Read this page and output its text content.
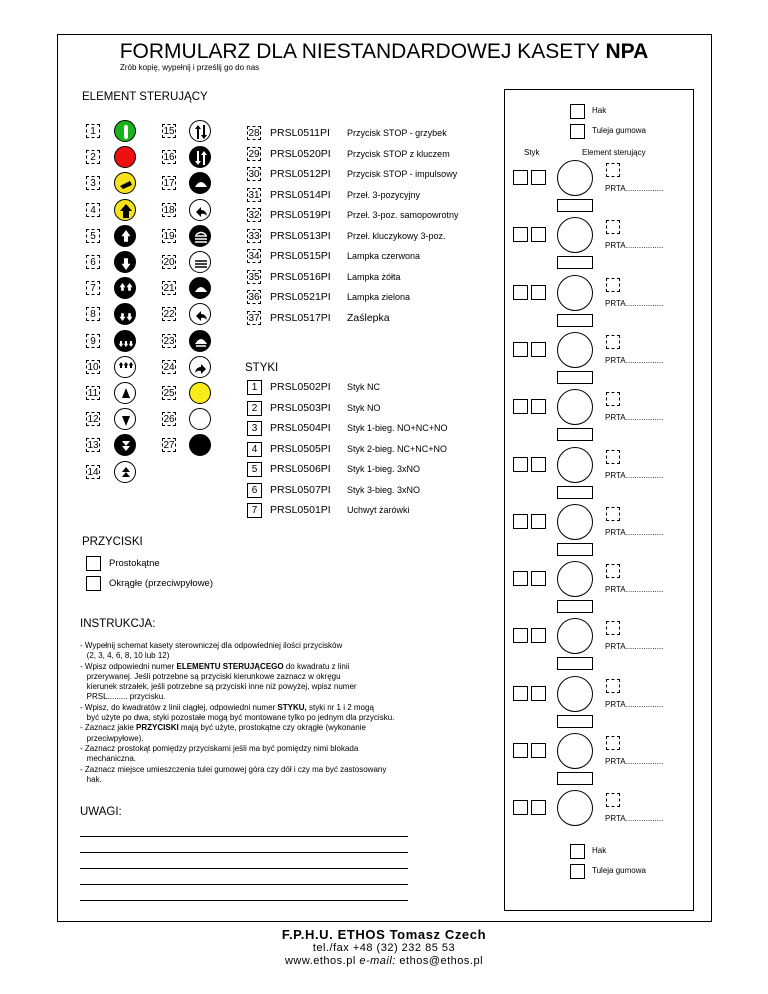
FORMULARZ DLA NIESTANDARDOWEJ KASETY NPA
Zrób kopię, wypełnij i prześlij go do nas
ELEMENT STERUJĄCY
1
2
3
4
5
6
7
8
9
10
11
12
13
14
15
16
17
18
19
20
21
22
23
24
25
26
27
28 PRSL0511PI Przycisk STOP - grzybek
29 PRSL0520PI Przycisk STOP z kluczem
30 PRSL0512PI Przycisk STOP - impulsowy
31 PRSL0514PI Przeł. 3-pozycyjny
32 PRSL0519PI Przeł. 3-poz. samopowrotny
33 PRSL0513PI Przeł. kluczykowy 3-poz.
34 PRSL0515PI Lampka czerwona
35 PRSL0516PI Lampka żółta
36 PRSL0521PI Lampka zielona
37 PRSL0517PI Zaślepka
STYKI
1	PRSL0502PI Styk NC
2	PRSL0503PI Styk NO
3	PRSL0504PI Styk 1-bieg. NO+NC+NO
4	PRSL0505PI Styk 2-bieg. NC+NC+NO
5	PRSL0506PI Styk 1-bieg. 3xNO
6	PRSL0507PI Styk 3-bieg. 3xNO
7	PRSL0501PI Uchwyt żarówki
PRZYCISKI
Prostokątne
Okrągłe (przeciwpyłowe)
INSTRUKCJA:
- Wypełnij schemat kasety sterowniczej dla odpowiedniej ilości przycisków
(2, 3, 4, 6, 8, 10 lub 12)
- Wpisz odpowiedni numer ELEMENTU STERUJĄCEGO do kwadratu z linii
przerywanej. Jeśli potrzebne są przyciski kierunkowe zaznacz w okręgu
kierunek strzałek, jeśli potrzebne są przyciski inne niż powyżej, wpisz numer
PRSL......... przycisku.
- Wpisz, do kwadratów z linii ciągłej, odpowiedni numer STYKU, styki nr 1 i 2 mogą
być użyte po dwa, styki pozostałe mogą być montowane tylko po jednym dla przycisku.
- Zaznacz jakie PRZYCISKI mają być użyte, prostokątne czy okrągłe (wykonanie
przeciwpyłowe).
- Zaznacz prostokąt pomiędzy przyciskami jeśli ma być pomiędzy nimi blokada
mechaniczna.
- Zaznacz miejsce umieszczenia tulei gumowej góra czy dół i czy ma być zastosowany
hak.
UWAGI:
Hak
Tuleja gumowa
Styk	Element sterujący
PRTA.................
PRTA.................
PRTA.................
PRTA.................
PRTA.................
PRTA.................
PRTA.................
PRTA.................
PRTA.................
PRTA.................
PRTA.................
PRTA.................
Hak
Tuleja gumowa
F.P.H.U. ETHOS Tomasz Czech
tel./fax +48 (32) 232 85 53
www.ethos.pl e-mail: ethos@ethos.pl
